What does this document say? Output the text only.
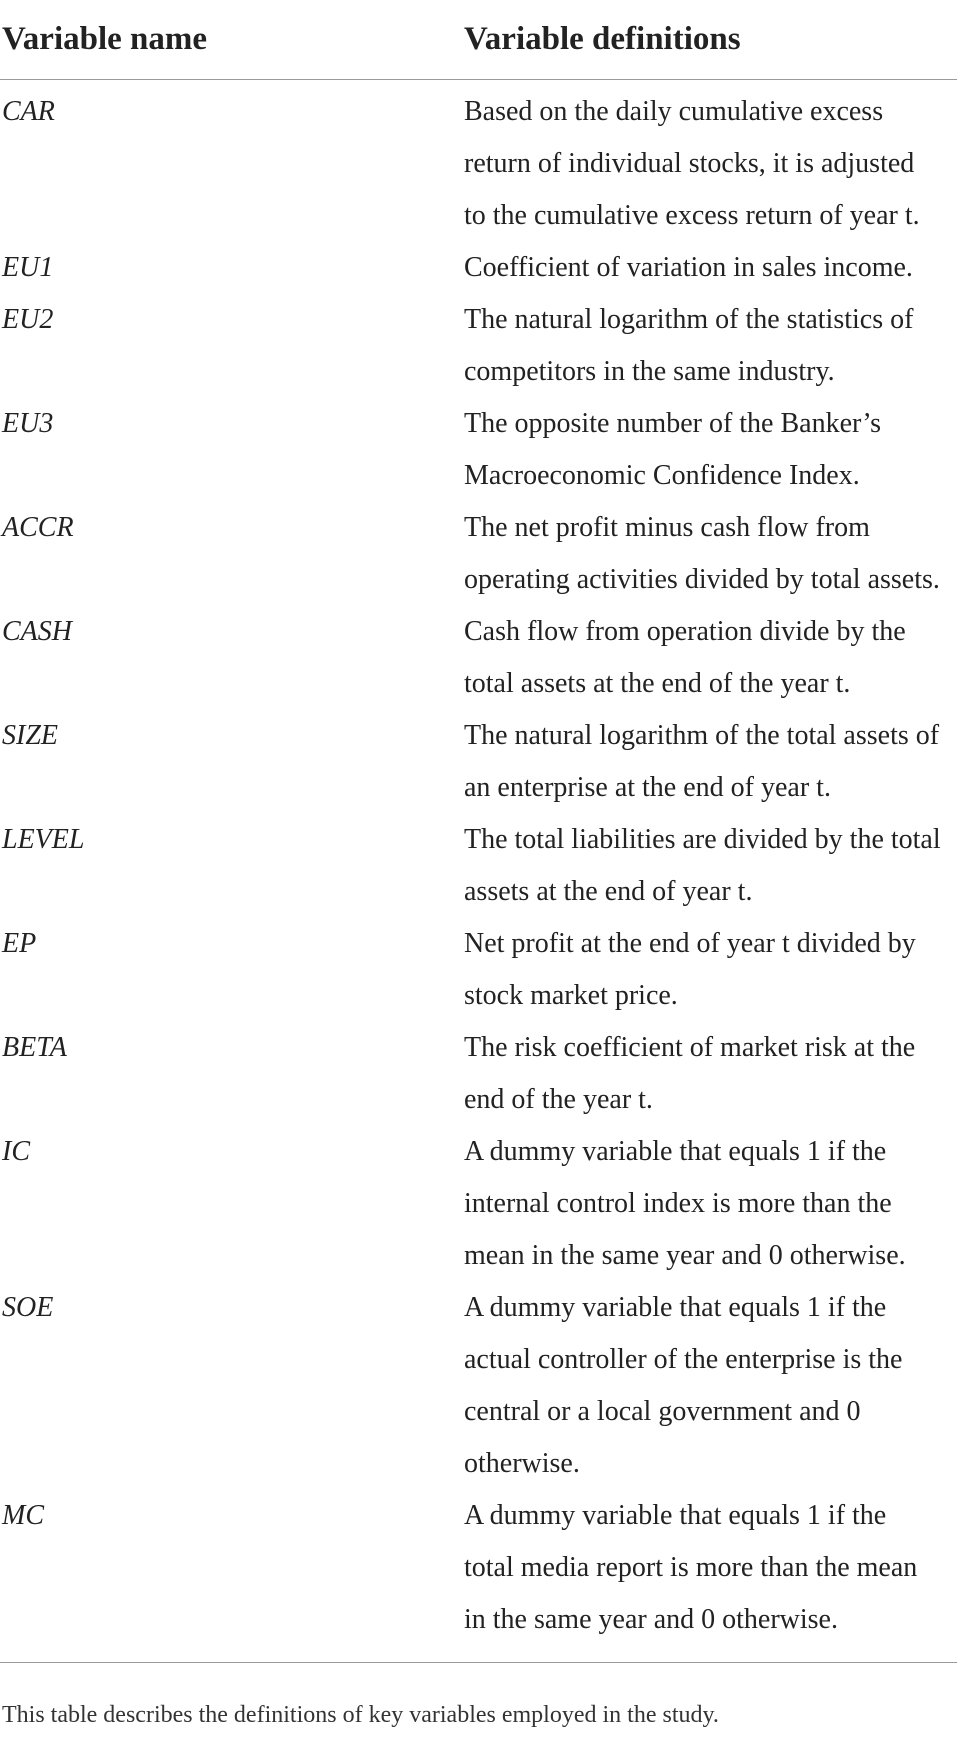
Variable name	Variable definitions
CAR	Based on the daily cumulative excess
return of individual stocks, it is adjusted
to the cumulative excess return of year t.
EU1	Coefficient of variation in sales income.
EU2	The natural logarithm of the statistics of
competitors in the same industry.
EU3	The opposite number of the Banker’s
Macroeconomic Confidence Index.
ACCR	The net profit minus cash flow from
operating activities divided by total assets.
CASH	Cash flow from operation divide by the
total assets at the end of the year t.
SIZE	The natural logarithm of the total assets of
an enterprise at the end of year t.
LEVEL	The total liabilities are divided by the total
assets at the end of year t.
EP	Net profit at the end of year t divided by
stock market price.
BETA	The risk coefficient of market risk at the
end of the year t.
IC	A dummy variable that equals 1 if the
internal control index is more than the
mean in the same year and 0 otherwise.
SOE	A dummy variable that equals 1 if the
actual controller of the enterprise is the
central or a local government and 0
otherwise.
MC	A dummy variable that equals 1 if the
total media report is more than the mean
in the same year and 0 otherwise.
This table describes the definitions of key variables employed in the study.
